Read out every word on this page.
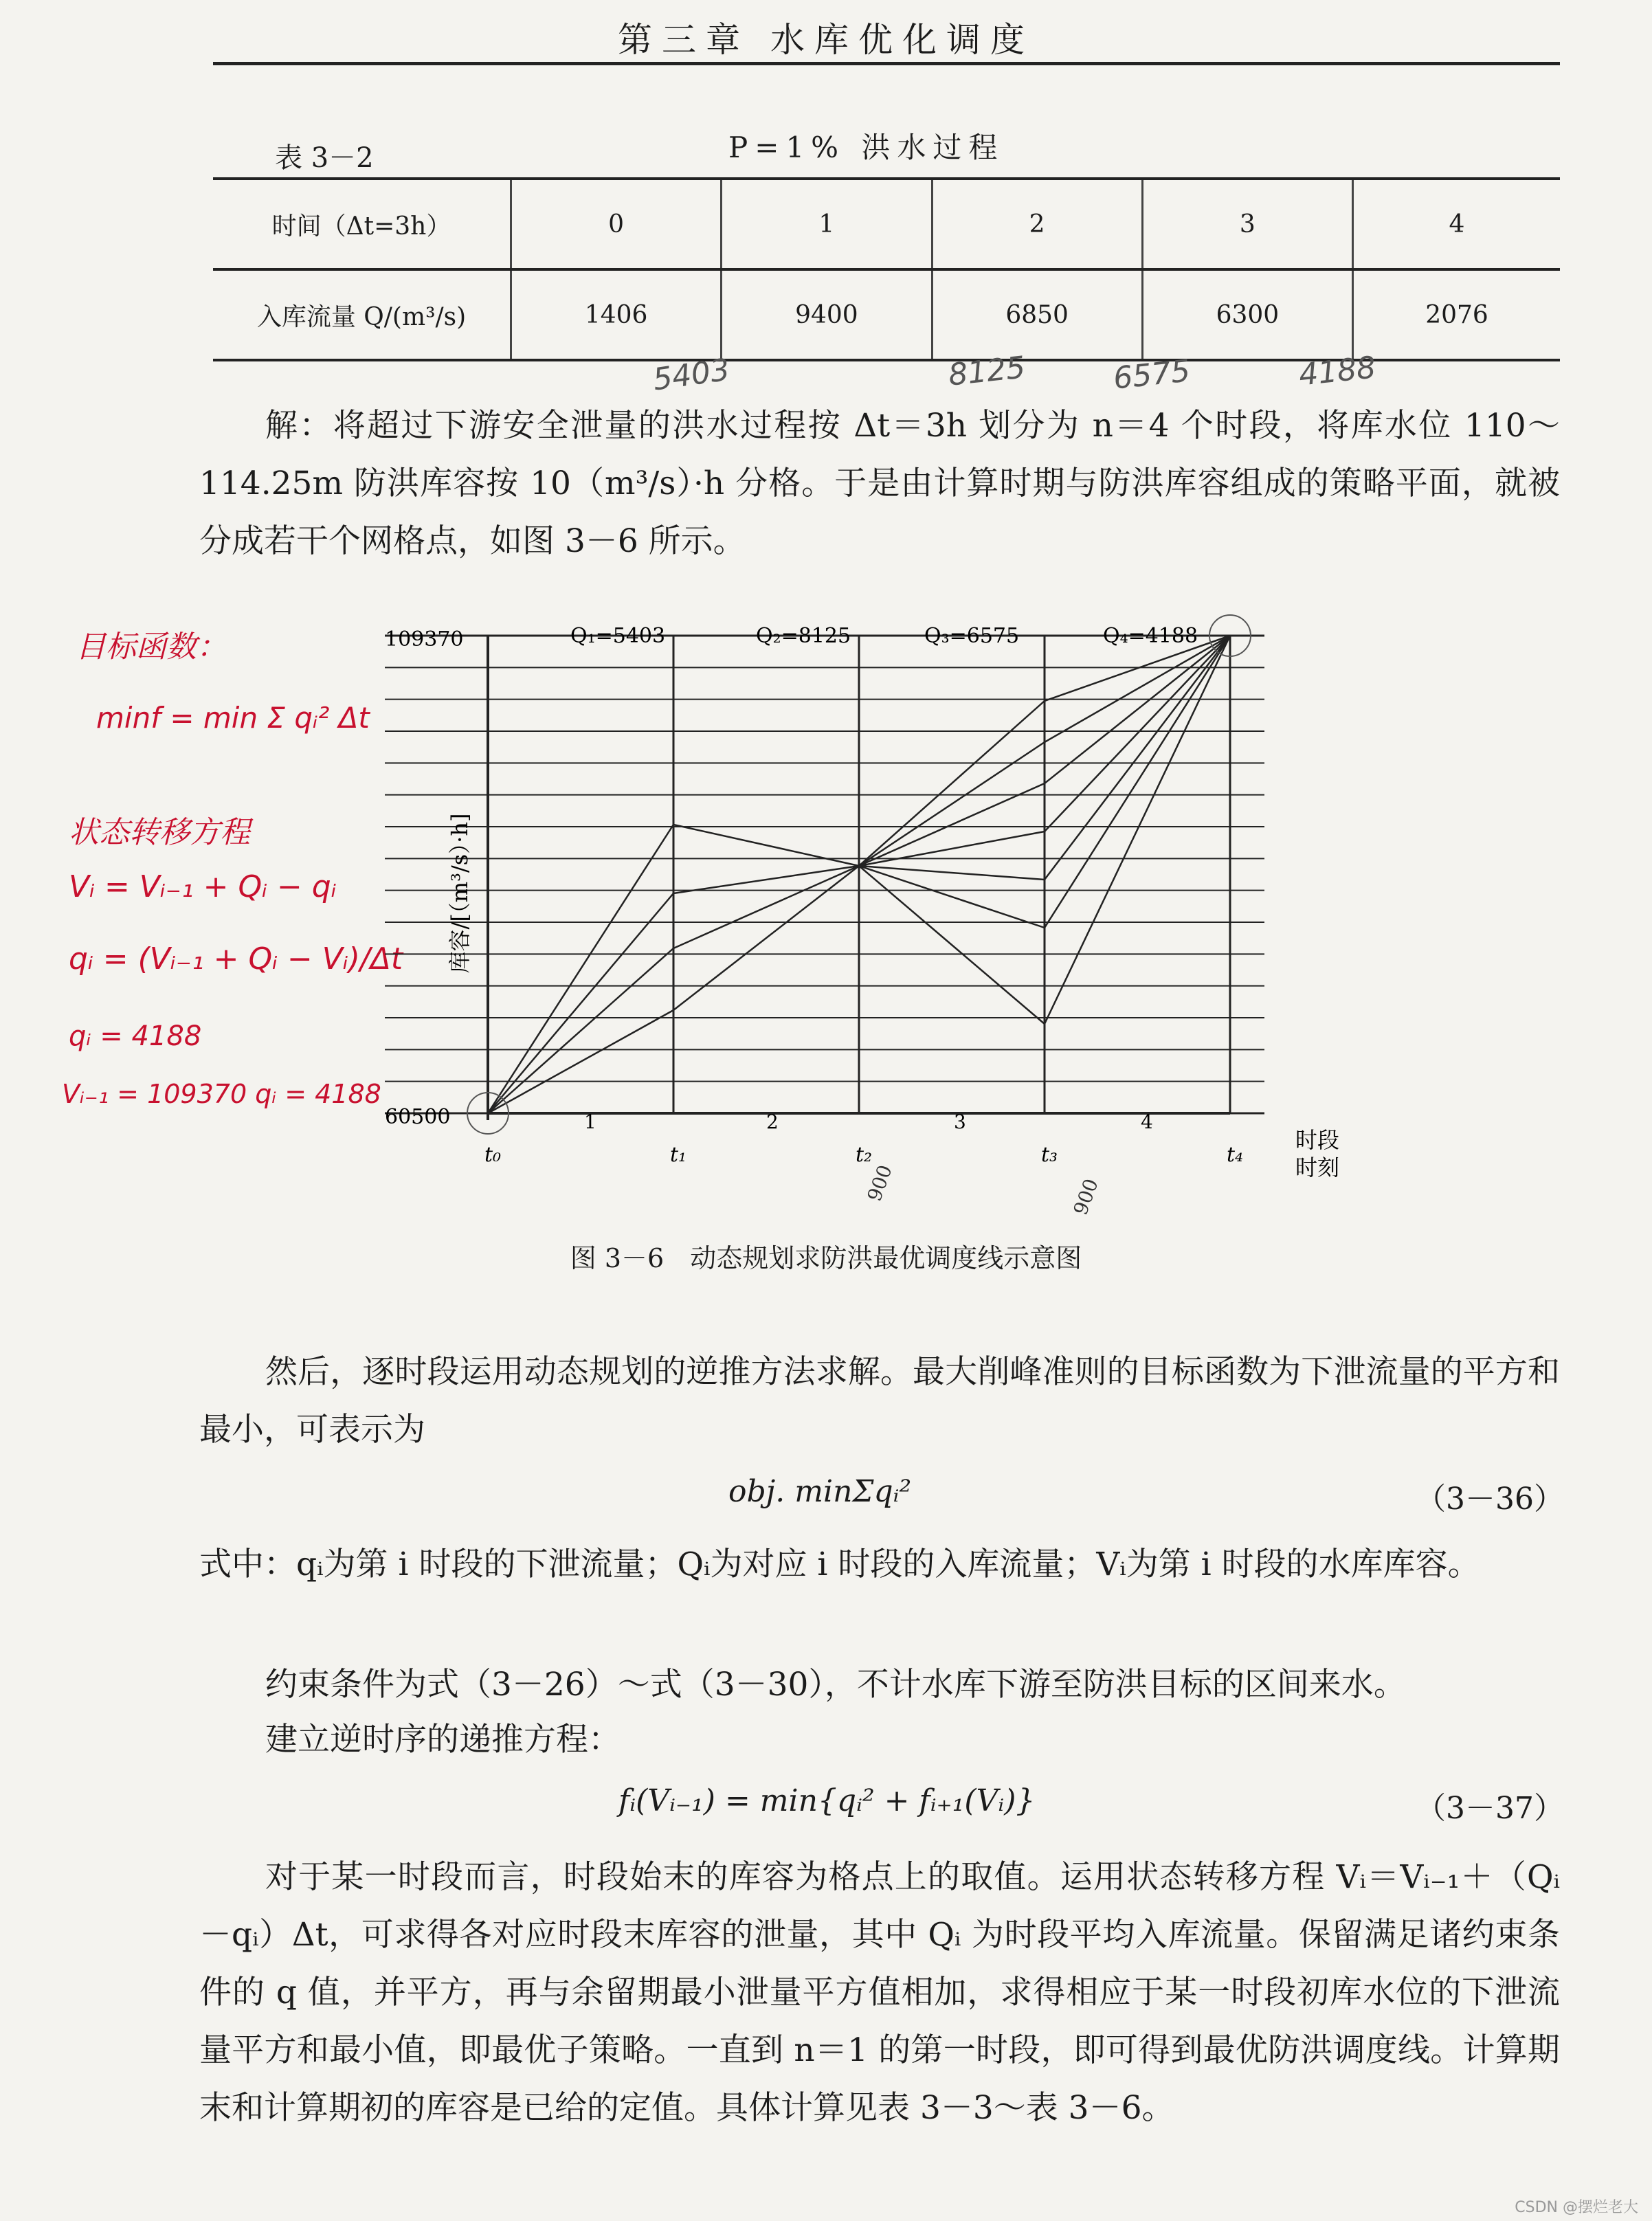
第三章 水库优化调度
表 3－2	P=1% 洪水过程
时间（Δt=3h）	0	1	2	3	4
入库流量 Q/(m³/s)	1406	9400	6850	6300	2076
5403	8125	6575	4188

解：将超过下游安全泄量的洪水过程按 Δt＝3h 划分为 n＝4 个时段，将库水位 110～114.25m 防洪库容按 10（m³/s）·h 分格。于是由计算时期与防洪库容组成的策略平面，就被分成若干个网格点，如图 3－6 所示。

目标函数：
minf = min Σ qᵢ² Δt
状态转移方程
Vᵢ = Vᵢ₋₁ + Qᵢ − qᵢ
qᵢ = (Vᵢ₋₁ + Qᵢ − Vᵢ)/Δt
qᵢ = 4188
Vᵢ₋₁ = 109370 qᵢ = 4188
109370
60500
库容/[（m³/s）·h]
Q₁=5403	Q₂=8125	Q₃=6575	Q₄=4188
1	2	3	4
t₀	t₁	t₂	t₃	t₄
时段
时刻
900	900
图 3－6　动态规划求防洪最优调度线示意图

然后，逐时段运用动态规划的逆推方法求解。最大削峰准则的目标函数为下泄流量的平方和最小，可表示为

obj. minΣqᵢ²	（3－36）

式中：qᵢ为第 i 时段的下泄流量；Qᵢ为对应 i 时段的入库流量；Vᵢ为第 i 时段的水库库容。

约束条件为式（3－26）～式（3－30），不计水库下游至防洪目标的区间来水。

建立逆时序的递推方程：

fᵢ(Vᵢ₋₁) = min{qᵢ² + fᵢ₊₁(Vᵢ)}	（3－37）

对于某一时段而言，时段始末的库容为格点上的取值。运用状态转移方程 Vᵢ＝Vᵢ₋₁＋（Qᵢ－qᵢ）Δt，可求得各对应时段末库容的泄量，其中 Qᵢ 为时段平均入库流量。保留满足诸约束条件的 q 值，并平方，再与余留期最小泄量平方值相加，求得相应于某一时段初库水位的下泄流量平方和最小值，即最优子策略。一直到 n＝1 的第一时段，即可得到最优防洪调度线。计算期末和计算期初的库容是已给的定值。具体计算见表 3－3～表 3－6。

CSDN @摆烂老大
